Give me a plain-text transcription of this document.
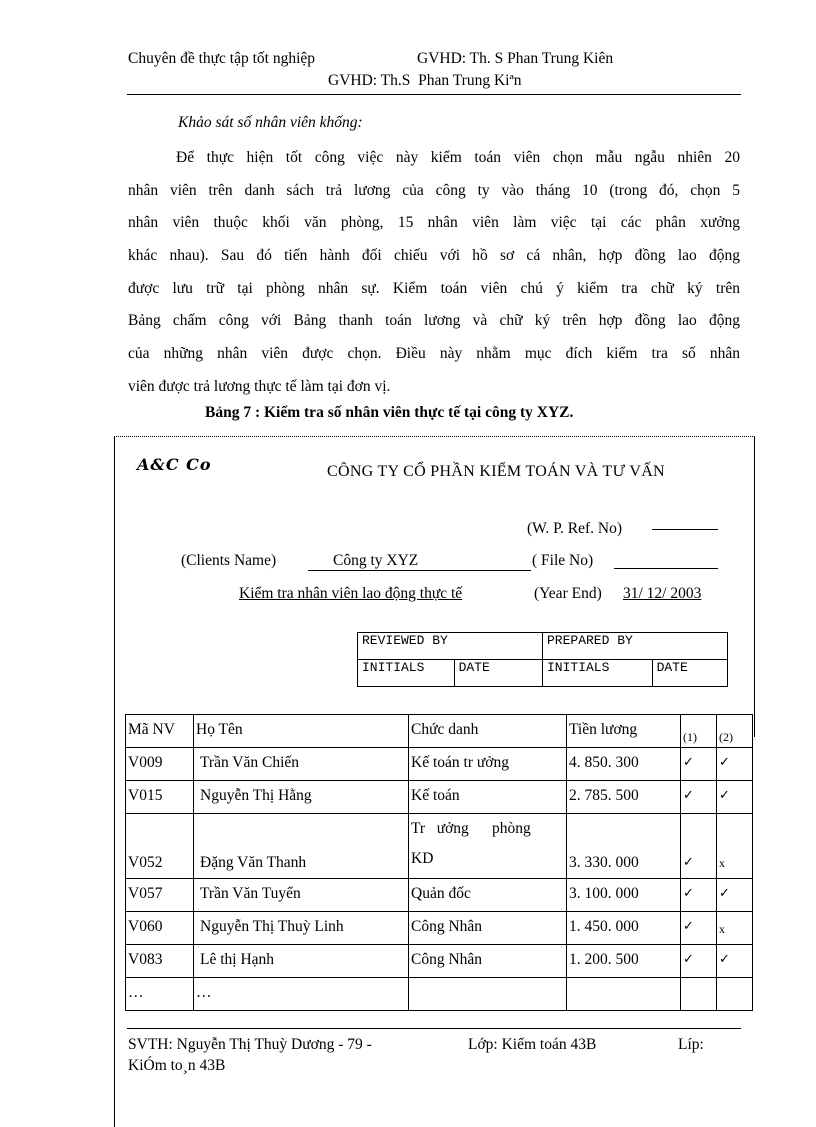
Chuyên đề thực tập tốt nghiệp	GVHD: Th. S Phan Trung Kiên
GVHD: Th.S  Phan Trung Kiªn
Khảo sát số nhân viên khống:
Để thực hiện tốt công việc này kiểm toán viên chọn mẫu ngẫu nhiên 20
nhân viên trên danh sách trả lương của công ty vào tháng 10 (trong đó, chọn 5
nhân viên thuộc khối văn phòng, 15 nhân viên làm việc tại các phân xưởng
khác nhau). Sau đó tiến hành đối chiếu với hồ sơ cá nhân, hợp đồng lao động
được lưu trữ tại phòng nhân sự. Kiểm toán viên chú ý kiểm tra chữ ký trên
Bảng chấm công với Bảng thanh toán lương và chữ ký trên hợp đồng lao động
của những nhân viên được chọn. Điều này nhằm mục đích kiểm tra số nhân
viên được trả lương thực tế làm tại đơn vị.
Bảng 7 : Kiểm tra số nhân viên thực tế tại công ty XYZ.
A&C Co	CÔNG TY CỔ PHẦN KIỂM TOÁN VÀ TƯ VẤN
(W. P. Ref. No)
(Clients Name)	Công ty XYZ	( File No)
Kiểm tra nhân viên lao động thực tế	(Year End) 31/ 12/ 2003
REVIEWED BY		PREPARED BY	
INITIALS	DATE	INITIALS	DATE
Mã NV	Họ Tên	Chức danh	Tiền lương	(1)	(2)
V009	Trần Văn Chiến	Kế toán tr ưởng	4. 850. 300	✓	✓
V015	Nguyễn Thị Hằng	Kế toán	2. 785. 500	✓	✓
V052	Đặng Văn Thanh	Tr   ưởng      phòng
KD	3. 330. 000	✓	x
V057	Trần Văn Tuyển	Quản đốc	3. 100. 000	✓	✓
V060	Nguyễn Thị Thuỳ Linh	Công Nhân	1. 450. 000	✓	x
V083	Lê thị Hạnh	Công Nhân	1. 200. 500	✓	✓
…	…				
SVTH: Nguyễn Thị Thuỳ Dương - 79 -	Lớp: Kiểm toán 43B	Líp:
KiÓm to¸n 43B
